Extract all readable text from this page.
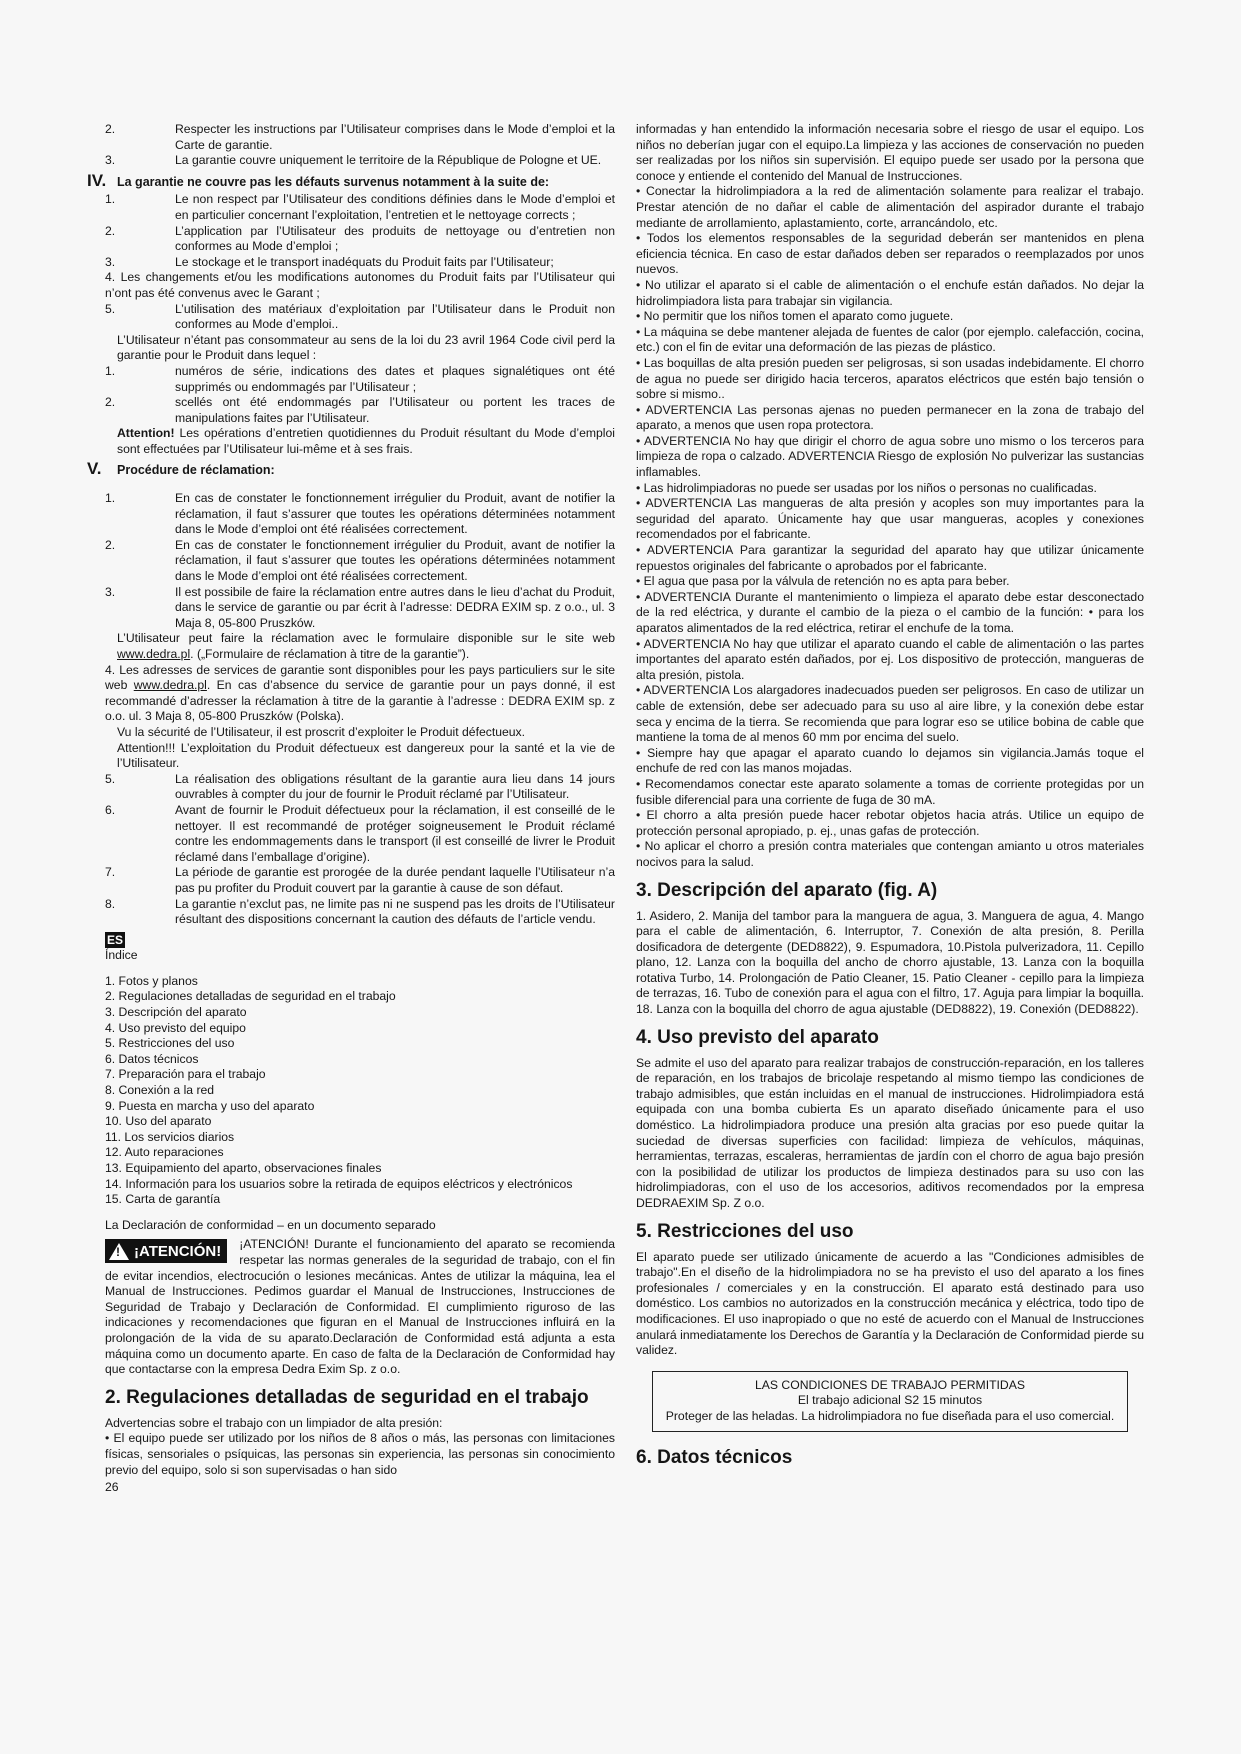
2.	Respecter les instructions par l’Utilisateur comprises dans le Mode d’emploi et la Carte de garantie.
3.	La garantie couvre uniquement le territoire de la République de Pologne et UE.
IV. La garantie ne couvre pas les défauts survenus notamment à la suite de:
1.	Le non respect par l’Utilisateur des conditions définies dans le Mode d’emploi et en particulier concernant l’exploitation, l’entretien et le nettoyage corrects ;
2.	L’application par l’Utilisateur des produits de nettoyage ou d’entretien non conformes au Mode d’emploi ;
3.	Le stockage et le transport inadéquats du Produit faits par l’Utilisateur;

4. Les changements et/ou les modifications autonomes du Produit faits par l’Utilisateur qui n’ont pas été convenus avec le Garant ;

5.	L’utilisation des matériaux d’exploitation par l’Utilisateur dans le Produit non conformes au Mode d’emploi..

L’Utilisateur n’étant pas consommateur au sens de la loi du 23 avril 1964 Code civil perd la garantie pour le Produit dans lequel :

1.	numéros de série, indications des dates et plaques signalétiques ont été supprimés ou endommagés par l’Utilisateur ;
2.	scellés ont été endommagés par l’Utilisateur ou portent les traces de manipulations faites par l’Utilisateur.

Attention! Les opérations d’entretien quotidiennes du Produit résultant du Mode d’emploi sont effectuées par l’Utilisateur lui-même et à ses frais.

V.	Procédure de réclamation:
1.	En cas de constater le fonctionnement irrégulier du Produit, avant de notifier la réclamation, il faut s’assurer que toutes les opérations déterminées notamment dans le Mode d’emploi ont été réalisées correctement.
2.	En cas de constater le fonctionnement irrégulier du Produit, avant de notifier la réclamation, il faut s’assurer que toutes les opérations déterminées notamment dans le Mode d’emploi ont été réalisées correctement.
3.	Il est possibile de faire la réclamation entre autres dans le lieu d’achat du Produit, dans le service de garantie ou par écrit à l’adresse: DEDRA EXIM sp. z o.o., ul. 3 Maja 8, 05-800 Pruszków.

L’Utilisateur peut faire la réclamation avec le formulaire disponible sur le site web www.dedra.pl. („Formulaire de réclamation à titre de la garantie”).

4. Les adresses de services de garantie sont disponibles pour les pays particuliers sur le site web www.dedra.pl. En cas d’absence du service de garantie pour un pays donné, il est recommandé d’adresser la réclamation à titre de la garantie à l’adresse : DEDRA EXIM sp. z o.o. ul. 3 Maja 8, 05-800 Pruszków (Polska).

Vu la sécurité de l’Utilisateur, il est proscrit d’exploiter le Produit défectueux.

Attention!!! L’exploitation du Produit défectueux est dangereux pour la santé et la vie de l’Utilisateur.

5.	La réalisation des obligations résultant de la garantie aura lieu dans 14 jours ouvrables à compter du jour de fournir le Produit réclamé par l’Utilisateur.
6.	Avant de fournir le Produit défectueux pour la réclamation, il est conseillé de le nettoyer. Il est recommandé de protéger soigneusement le Produit réclamé contre les endommagements dans le transport (il est conseillé de livrer le Produit réclamé dans l’emballage d’origine).
7.	La période de garantie est prorogée de la durée pendant laquelle l’Utilisateur n’a pas pu profiter du Produit couvert par la garantie à cause de son défaut.
8.	La garantie n’exclut pas, ne limite pas ni ne suspend pas les droits de l’Utilisateur résultant des dispositions concernant la caution des défauts de l’article vendu.
ES

Índice

1. Fotos y planos

2. Regulaciones detalladas de seguridad en el trabajo

3. Descripción del aparato

4. Uso previsto del equipo

5. Restricciones del uso

6. Datos técnicos

7. Preparación para el trabajo

8. Conexión a la red

9. Puesta en marcha y uso del aparato

10. Uso del aparato

11. Los servicios diarios

12. Auto reparaciones

13. Equipamiento del aparto, observaciones finales

14. Información para los usuarios sobre la retirada de equipos eléctricos y electrónicos

15. Carta de garantía

La Declaración de conformidad – en un documento separado

! ¡ATENCIÓN!	¡ATENCIÓN! Durante el funcionamiento del aparato se recomienda respetar las normas generales de la seguridad de trabajo, con el fin de evitar incendios, electrocución o lesiones mecánicas. Antes de utilizar la máquina, lea el Manual de Instrucciones. Pedimos guardar el Manual de Instrucciones, Instrucciones de Seguridad de Trabajo y Declaración de Conformidad. El cumplimiento riguroso de las indicaciones y recomendaciones que figuran en el Manual de Instrucciones influirá en la prolongación de la vida de su aparato.Declaración de Conformidad está adjunta a esta máquina como un documento aparte. En caso de falta de la Declaración de Conformidad hay que contactarse con la empresa Dedra Exim Sp. z o.o.

2. Regulaciones detalladas de seguridad en el trabajo

Advertencias sobre el trabajo con un limpiador de alta presión:

• El equipo puede ser utilizado por los niños de 8 años o más, las personas con limitaciones físicas, sensoriales o psíquicas, las personas sin experiencia, las personas sin conocimiento previo del equipo, solo si son supervisadas o han sido

26

informadas y han entendido la información necesaria sobre el riesgo de usar el equipo. Los niños no deberían jugar con el equipo.La limpieza y las acciones de conservación no pueden ser realizadas por los niños sin supervisión. El equipo puede ser usado por la persona que conoce y entiende el contenido del Manual de Instrucciones.

• Conectar la hidrolimpiadora a la red de alimentación solamente para realizar el trabajo. Prestar atención de no dañar el cable de alimentación del aspirador durante el trabajo mediante de arrollamiento, aplastamiento, corte, arrancándolo, etc.

• Todos los elementos responsables de la seguridad deberán ser mantenidos en plena eficiencia técnica. En caso de estar dañados deben ser reparados o reemplazados por unos nuevos.

• No utilizar el aparato si el cable de alimentación o el enchufe están dañados. No dejar la hidrolimpiadora lista para trabajar sin vigilancia.

• No permitir que los niños tomen el aparato como juguete.

• La máquina se debe mantener alejada de fuentes de calor (por ejemplo. calefacción, cocina, etc.) con el fin de evitar una deformación de las piezas de plástico.

• Las boquillas de alta presión pueden ser peligrosas, si son usadas indebidamente. El chorro de agua no puede ser dirigido hacia terceros, aparatos eléctricos que estén bajo tensión o sobre si mismo..

• ADVERTENCIA Las personas ajenas no pueden permanecer en la zona de trabajo del aparato, a menos que usen ropa protectora.

• ADVERTENCIA No hay que dirigir el chorro de agua sobre uno mismo o los terceros para limpieza de ropa o calzado. ADVERTENCIA Riesgo de explosión No pulverizar las sustancias inflamables.

• Las hidrolimpiadoras no puede ser usadas por los niños o personas no cualificadas.

• ADVERTENCIA Las mangueras de alta presión y acoples son muy importantes para la seguridad del aparato. Únicamente hay que usar mangueras, acoples y conexiones recomendados por el fabricante.

• ADVERTENCIA Para garantizar la seguridad del aparato hay que utilizar únicamente repuestos originales del fabricante o aprobados por el fabricante.

• El agua que pasa por la válvula de retención no es apta para beber.

• ADVERTENCIA Durante el mantenimiento o limpieza el aparato debe estar desconectado de la red eléctrica, y durante el cambio de la pieza o el cambio de la función: • para los aparatos alimentados de la red eléctrica, retirar el enchufe de la toma.

• ADVERTENCIA No hay que utilizar el aparato cuando el cable de alimentación o las partes importantes del aparato estén dañados, por ej. Los dispositivo de protección, mangueras de alta presión, pistola.

• ADVERTENCIA Los alargadores inadecuados pueden ser peligrosos. En caso de utilizar un cable de extensión, debe ser adecuado para su uso al aire libre, y la conexión debe estar seca y encima de la tierra. Se recomienda que para lograr eso se utilice bobina de cable que mantiene la toma de al menos 60 mm por encima del suelo.

• Siempre hay que apagar el aparato cuando lo dejamos sin vigilancia.Jamás toque el enchufe de red con las manos mojadas.

• Recomendamos conectar este aparato solamente a tomas de corriente protegidas por un fusible diferencial para una corriente de fuga de 30 mA.

• El chorro a alta presión puede hacer rebotar objetos hacia atrás. Utilice un equipo de protección personal apropiado, p. ej., unas gafas de protección.

• No aplicar el chorro a presión contra materiales que contengan amianto u otros materiales nocivos para la salud.

3. Descripción del aparato (fig. A)

1. Asidero, 2. Manija del tambor para la manguera de agua, 3. Manguera de agua, 4. Mango para el cable de alimentación, 6. Interruptor, 7. Conexión de alta presión, 8. Perilla dosificadora de detergente (DED8822), 9. Espumadora, 10.Pistola pulverizadora, 11. Cepillo plano, 12. Lanza con la boquilla del ancho de chorro ajustable, 13. Lanza con la boquilla rotativa Turbo, 14. Prolongación de Patio Cleaner, 15. Patio Cleaner - cepillo para la limpieza de terrazas, 16. Tubo de conexión para el agua con el filtro, 17. Aguja para limpiar la boquilla. 18. Lanza con la boquilla del chorro de agua ajustable (DED8822), 19. Conexión (DED8822).

4. Uso previsto del aparato

Se admite el uso del aparato para realizar trabajos de construcción-reparación, en los talleres de reparación, en los trabajos de bricolaje respetando al mismo tiempo las condiciones de trabajo admisibles, que están incluidas en el manual de instrucciones. Hidrolimpiadora está equipada con una bomba cubierta Es un aparato diseñado únicamente para el uso doméstico. La hidrolimpiadora produce una presión alta gracias por eso puede quitar la suciedad de diversas superficies con facilidad: limpieza de vehículos, máquinas, herramientas, terrazas, escaleras, herramientas de jardín con el chorro de agua bajo presión con la posibilidad de utilizar los productos de limpieza destinados para su uso con las hidrolimpiadoras, con el uso de los accesorios, aditivos recomendados por la empresa DEDRAEXIM Sp. Z o.o.

5. Restricciones del uso

El aparato puede ser utilizado únicamente de acuerdo a las "Condiciones admisibles de trabajo".En el diseño de la hidrolimpiadora no se ha previsto el uso del aparato a los fines profesionales / comerciales y en la construcción. El aparato está destinado para uso doméstico. Los cambios no autorizados en la construcción mecánica y eléctrica, todo tipo de modificaciones. El uso inapropiado o que no esté de acuerdo con el Manual de Instrucciones anulará inmediatamente los Derechos de Garantía y la Declaración de Conformidad pierde su validez.

LAS CONDICIONES DE TRABAJO PERMITIDAS

El trabajo adicional S2 15 minutos

Proteger de las heladas. La hidrolimpiadora no fue diseñada para el uso comercial.

6. Datos técnicos
